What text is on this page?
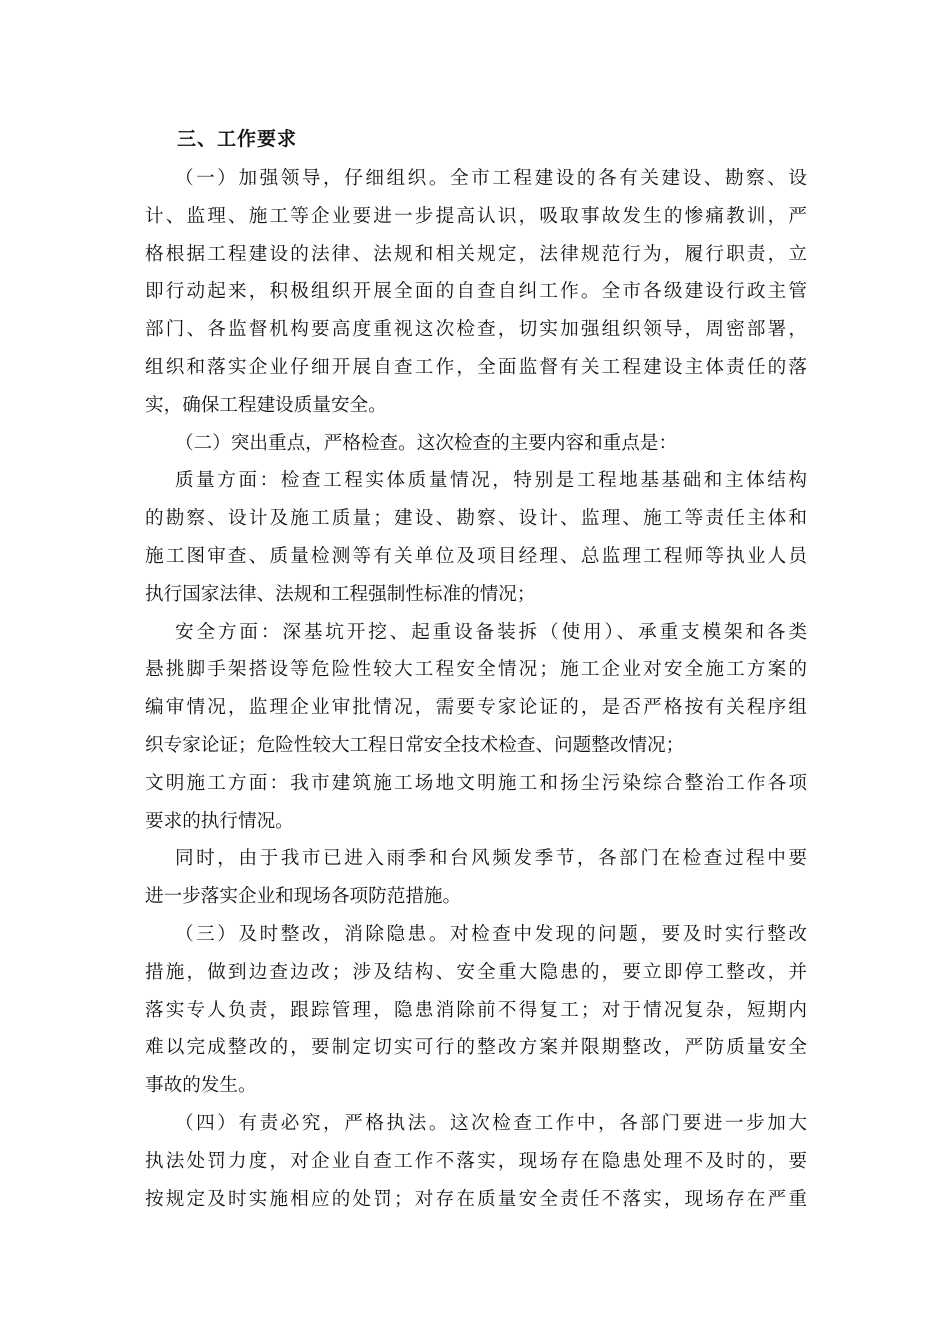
三、工作要求
（一）加强领导，仔细组织。全市工程建设的各有关建设、勘察、设
计、监理、施工等企业要进一步提高认识，吸取事故发生的惨痛教训，严
格根据工程建设的法律、法规和相关规定，法律规范行为，履行职责，立
即行动起来，积极组织开展全面的自查自纠工作。全市各级建设行政主管
部门、各监督机构要高度重视这次检查，切实加强组织领导，周密部署，
组织和落实企业仔细开展自查工作，全面监督有关工程建设主体责任的落
实，确保工程建设质量安全。
（二）突出重点，严格检查。这次检查的主要内容和重点是：
质量方面：检查工程实体质量情况，特别是工程地基基础和主体结构
的勘察、设计及施工质量；建设、勘察、设计、监理、施工等责任主体和
施工图审查、质量检测等有关单位及项目经理、总监理工程师等执业人员
执行国家法律、法规和工程强制性标准的情况；
安全方面：深基坑开挖、起重设备装拆（使用）、承重支模架和各类
悬挑脚手架搭设等危险性较大工程安全情况；施工企业对安全施工方案的
编审情况，监理企业审批情况，需要专家论证的，是否严格按有关程序组
织专家论证；危险性较大工程日常安全技术检查、问题整改情况；
文明施工方面：我市建筑施工场地文明施工和扬尘污染综合整治工作各项
要求的执行情况。
同时，由于我市已进入雨季和台风频发季节，各部门在检查过程中要
进一步落实企业和现场各项防范措施。
（三）及时整改，消除隐患。对检查中发现的问题，要及时实行整改
措施，做到边查边改；涉及结构、安全重大隐患的，要立即停工整改，并
落实专人负责，跟踪管理，隐患消除前不得复工；对于情况复杂，短期内
难以完成整改的，要制定切实可行的整改方案并限期整改，严防质量安全
事故的发生。
（四）有责必究，严格执法。这次检查工作中，各部门要进一步加大
执法处罚力度，对企业自查工作不落实，现场存在隐患处理不及时的，要
按规定及时实施相应的处罚；对存在质量安全责任不落实，现场存在严重
